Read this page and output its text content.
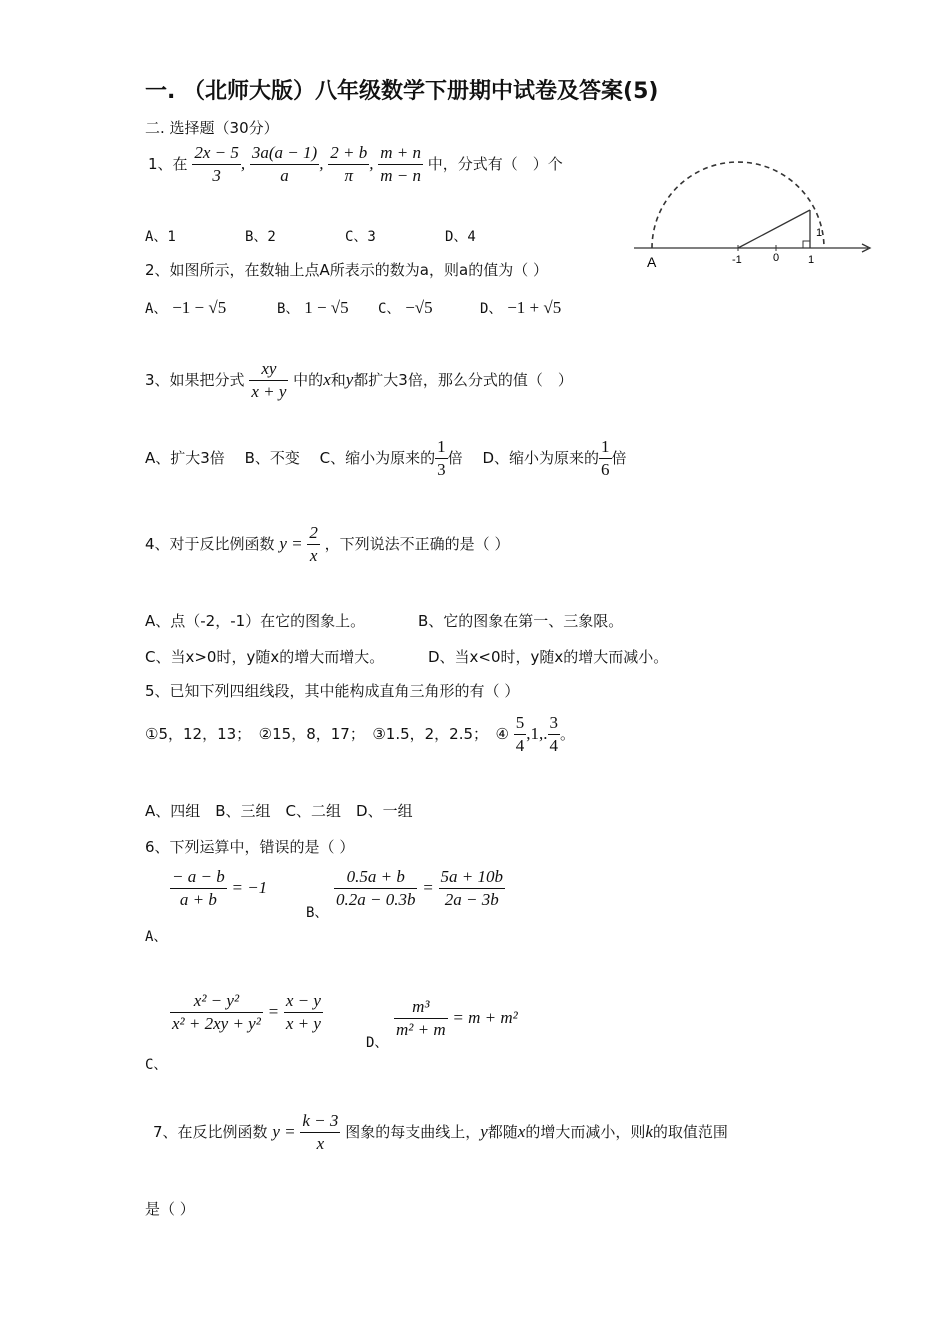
一. （北师大版）八年级数学下册期中试卷及答案(5)
二. 选择题（30分）
1、在 $\frac{2x - 5}{3}$ , $\frac{3a(a - 1)}{a}$ , $\frac{2 + b}{\pi}$ , $\frac{m + n}{m - n}$ 中，分式有（　）个
A、1	B、2	C、3	D、4
A	-1	0	1
1
2、如图所示，在数轴上点A所表示的数为a，则a的值为（ ）
A、 −1 − √5	B、 1 − √5 C、 −√5	D、 −1 + √5
3、如果把分式 $\frac{xy}{x + y}$ 中的x和y都扩大3倍，那么分式的值（　）
A、扩大3倍　 B、不变　 C、缩小为原来的 $\frac{1}{3}$ 倍　 D、缩小为原来的 $\frac{1}{6}$ 倍
4、对于反比例函数 $y = \frac{2}{x}$ ，下列说法不正确的是（ ）
A、点（-2，-1）在它的图象上。	B、它的图象在第一、三象限。
C、当x>0时，y随x的增大而增大。	D、当x<0时，y随x的增大而减小。
5、已知下列四组线段，其中能构成直角三角形的有（ ）
①5，12，13；　②15，8，17；　③1.5，2，2.5；　④ $\frac{5}{4} ,1$,. $\frac{3}{4}$ 。
A、四组　B、三组　C、二组　D、一组
6、下列运算中，错误的是（ ）
$\frac{- a - b}{a + b} = -1$
A、
B、
$\frac{0.5a + b}{0.2a - 0.3b} = \frac{5a + 10b}{2a - 3b}$
$\frac{\text{x² − y²}}{\text{x² + 2xy + y²}} = \frac{x - y}{x + y}$
C、
D、
$\frac{\text{m³}}{\text{m² + m}} = m + m^2$
7、在反比例函数 $y = \frac{k - 3}{x}$ 图象的每支曲线上，y都随x的增大而减小，则k的取值范围
是（ ）
